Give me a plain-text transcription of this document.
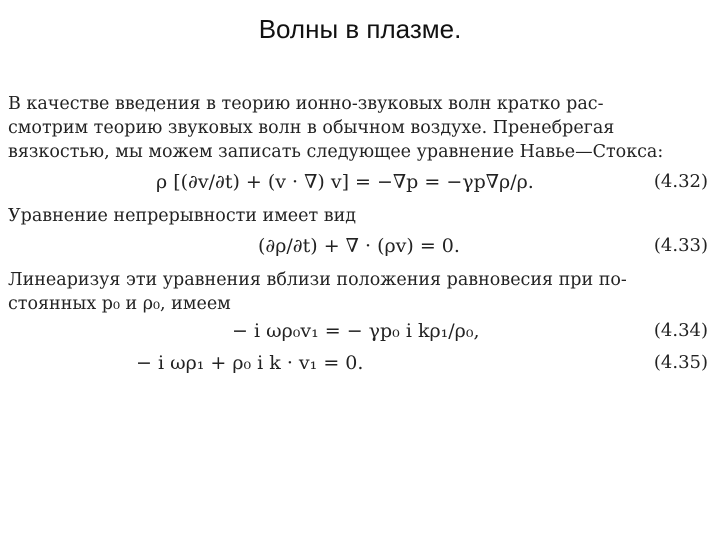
Волны в плазме.

В качестве введения в теорию ионно-звуковых волн кратко рас-
смотрим теорию звуковых волн в обычном воздухе. Пренебрегая
вязкостью, мы можем записать следующее уравнение Навье—Стокса:

ρ [(∂v/∂t) + (v · ∇) v] = −∇p = −γp∇ρ/ρ.	(4.32)

Уравнение непрерывности имеет вид

(∂ρ/∂t) + ∇ · (ρv) = 0.	(4.33)

Линеаризуя эти уравнения вблизи положения равновесия при по-
стоянных p₀ и ρ₀, имеем

− i ωρ₀v₁ = − γp₀ i kρ₁/ρ₀,	(4.34)
− i ωρ₁ + ρ₀ i k · v₁ = 0.	(4.35)
